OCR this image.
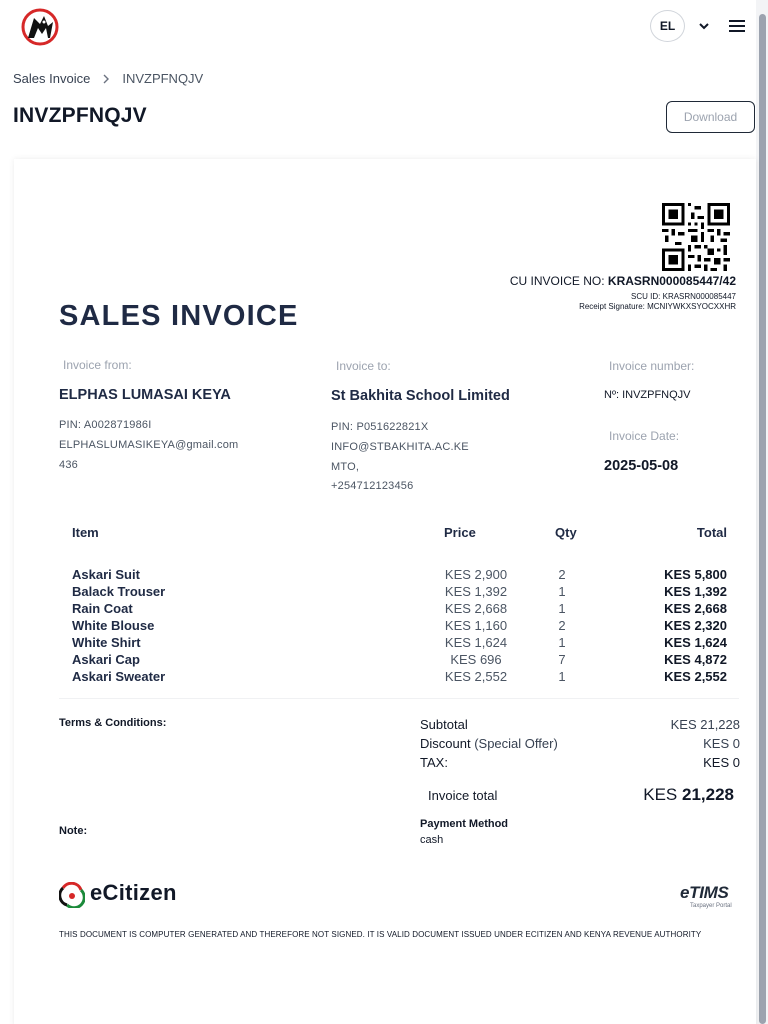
EL
Sales Invoice INVZPFNQJV
INVZPFNQJV	Download
CU INVOICE NO: KRASRN000085447/42
SCU ID: KRASRN000085447
Receipt Signature: MCNIYWKXSYOCXXHR
SALES INVOICE
Invoice from:
ELPHAS LUMASAI KEYA
PIN: A002871986I
ELPHASLUMASIKEYA@gmail.com
436
Invoice to:
St Bakhita School Limited
PIN: P051622821X
INFO@STBAKHITA.AC.KE
MTO,
+254712123456
Invoice number:
Nº: INVZPFNQJV
Invoice Date:
2025-05-08
Item	Price	Qty	Total
Askari Suit	KES 2,900	2	KES 5,800
Balack Trouser	KES 1,392	1	KES 1,392
Rain Coat	KES 2,668	1	KES 2,668
White Blouse	KES 1,160	2	KES 2,320
White Shirt	KES 1,624	1	KES 1,624
Askari Cap	KES 696	7	KES 4,872
Askari Sweater	KES 2,552	1	KES 2,552
Terms & Conditions:
Note:
Subtotal	KES 21,228
Discount (Special Offer)	KES 0
TAX:	KES 0
Invoice total	KES 21,228
Payment Method
cash
eCitizen	eTIMS
Taxpayer Portal
THIS DOCUMENT IS COMPUTER GENERATED AND THEREFORE NOT SIGNED. IT IS VALID DOCUMENT ISSUED UNDER ECITIZEN AND KENYA REVENUE AUTHORITY
